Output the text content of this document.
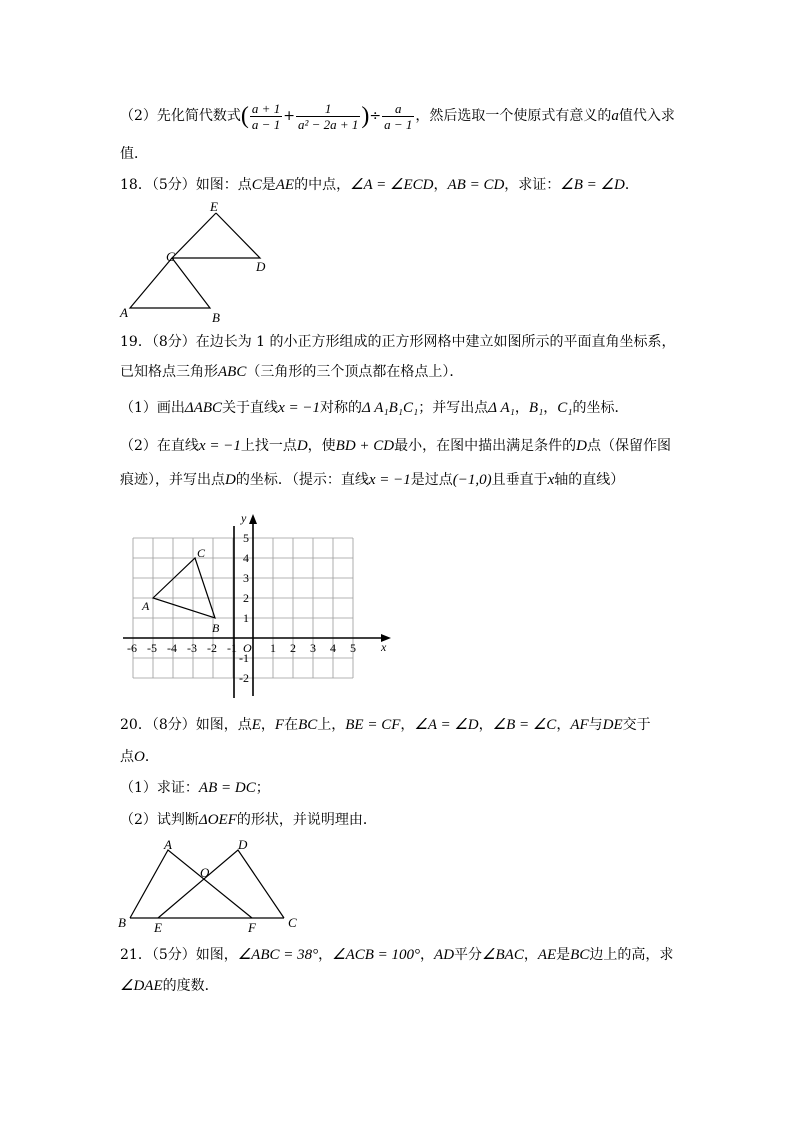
（2）先化简代数式( $\frac{a + 1}{a - 1} + \frac{1}{\text{a² − 2a + 1}}$ )÷ $\frac{a}{a - 1}$ ，然后选取一个使原式有意义的a值代入求
值．
18．（5分）如图：点C是AE的中点，∠A = ∠ECD，AB = CD，求证：∠B = ∠D．
E
C
D
A	B
19．（8分）在边长为 1 的小正方形组成的正方形网格中建立如图所示的平面直角坐标系，
已知格点三角形ABC（三角形的三个顶点都在格点上）．
（1）画出ΔABC关于直线x = −1对称的Δ A₁B₁C₁；并写出点Δ A₁，B₁，C₁的坐标．
（2）在直线x = −1上找一点D，使BD + CD最小，在图中描出满足条件的D点（保留作图
痕迹），并写出点D的坐标．（提示：直线x = −1是过点(−1,0)且垂直于x轴的直线）
x
y
O
A
C
B
-6 -5 -4 -3 -2 -1	1 2 3 4 5
5
4
3
2
1
-1
-2
20．（8分）如图，点E，F在BC上，BE = CF，∠A = ∠D，∠B = ∠C，AF与DE交于
点O．
（1）求证：AB = DC；
（2）试判断ΔOEF的形状，并说明理由．
A	D
O
B E	F C
21．（5分）如图，∠ABC = 38°，∠ACB = 100°，AD平分∠BAC，AE是BC边上的高，求
∠DAE的度数．
